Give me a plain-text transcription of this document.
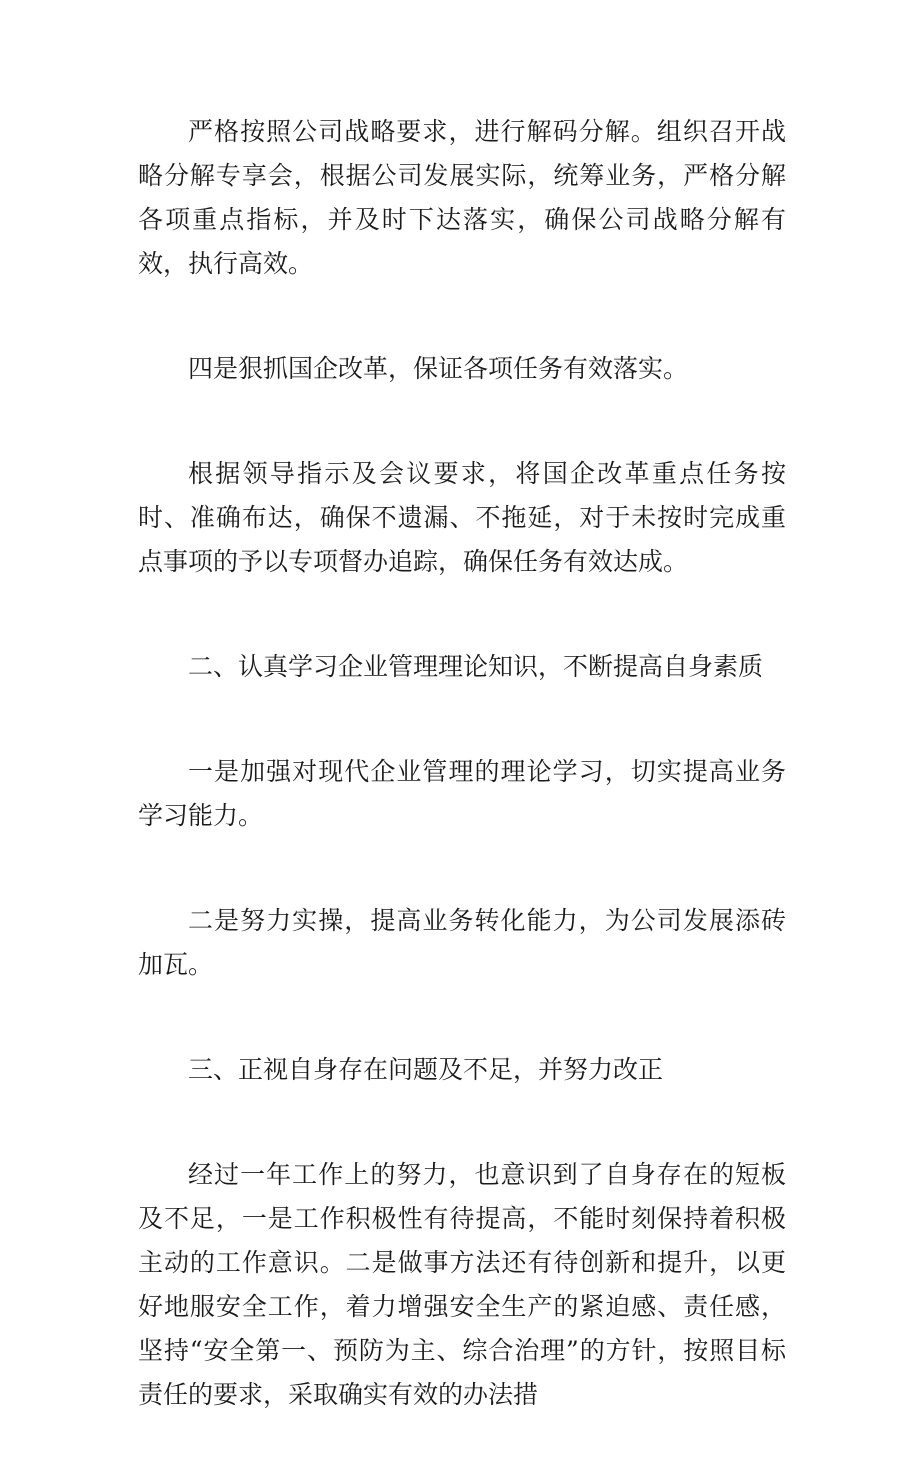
严格按照公司战略要求，进行解码分解。组织召开战略分解专享会，根据公司发展实际，统筹业务，严格分解各项重点指标，并及时下达落实，确保公司战略分解有效，执行高效。

四是狠抓国企改革，保证各项任务有效落实。

根据领导指示及会议要求，将国企改革重点任务按时、准确布达，确保不遗漏、不拖延，对于未按时完成重点事项的予以专项督办追踪，确保任务有效达成。

二、认真学习企业管理理论知识，不断提高自身素质

一是加强对现代企业管理的理论学习，切实提高业务学习能力。

二是努力实操，提高业务转化能力，为公司发展添砖加瓦。

三、正视自身存在问题及不足，并努力改正

经过一年工作上的努力，也意识到了自身存在的短板及不足，一是工作积极性有待提高，不能时刻保持着积极主动的工作意识。二是做事方法还有待创新和提升，以更好地服安全工作，着力增强安全生产的紧迫感、责任感，坚持“安全第一、预防为主、综合治理”的方针，按照目标责任的要求，采取确实有效的办法措
